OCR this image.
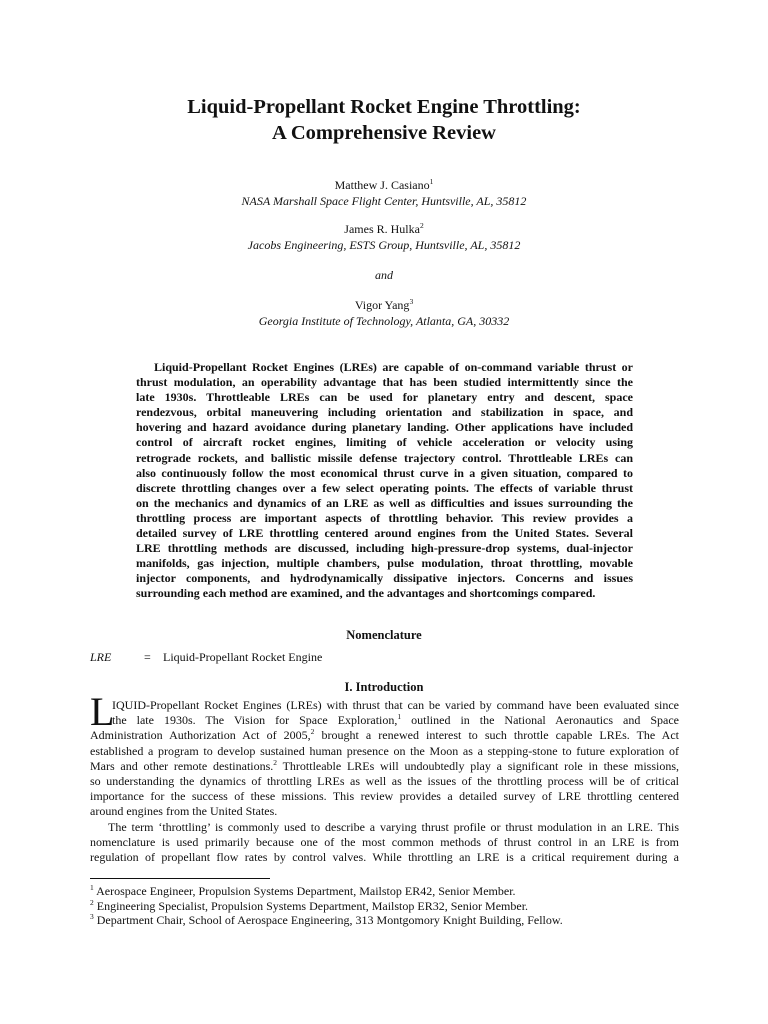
Liquid-Propellant Rocket Engine Throttling:
A Comprehensive Review
Matthew J. Casiano$^1$
NASA Marshall Space Flight Center, Huntsville, AL, 35812
James R. Hulka$^2$
Jacobs Engineering, ESTS Group, Huntsville, AL, 35812
and
Vigor Yang$^3$
Georgia Institute of Technology, Atlanta, GA, 30332
Liquid-Propellant Rocket Engines (LREs) are capable of on-command variable thrust or
thrust modulation, an operability advantage that has been studied intermittently since the
late 1930s. Throttleable LREs can be used for planetary entry and descent, space
rendezvous, orbital maneuvering including orientation and stabilization in space, and
hovering and hazard avoidance during planetary landing. Other applications have included
control of aircraft rocket engines, limiting of vehicle acceleration or velocity using
retrograde rockets, and ballistic missile defense trajectory control. Throttleable LREs can
also continuously follow the most economical thrust curve in a given situation, compared to
discrete throttling changes over a few select operating points. The effects of variable thrust
on the mechanics and dynamics of an LRE as well as difficulties and issues surrounding the
throttling process are important aspects of throttling behavior. This review provides a
detailed survey of LRE throttling centered around engines from the United States. Several
LRE throttling methods are discussed, including high-pressure-drop systems, dual-injector
manifolds, gas injection, multiple chambers, pulse modulation, throat throttling, movable
injector components, and hydrodynamically dissipative injectors. Concerns and issues
surrounding each method are examined, and the advantages and shortcomings compared.
Nomenclature
LRE	= Liquid-Propellant Rocket Engine
I. Introduction
L
IQUID-Propellant Rocket Engines (LREs) with thrust that can be varied by command have been evaluated since
the late 1930s. The Vision for Space Exploration,$^1$ outlined in the National Aeronautics and Space
Administration Authorization Act of 2005,$^2$ brought a renewed interest to such throttle capable LREs. The Act
established a program to develop sustained human presence on the Moon as a stepping-stone to future exploration of
Mars and other remote destinations.$^2$ Throttleable LREs will undoubtedly play a significant role in these missions,
so understanding the dynamics of throttling LREs as well as the issues of the throttling process will be of critical
importance for the success of these missions. This review provides a detailed survey of LRE throttling centered
around engines from the United States.
The term ‘throttling’ is commonly used to describe a varying thrust profile or thrust modulation in an LRE. This
nomenclature is used primarily because one of the most common methods of thrust control in an LRE is from
regulation of propellant flow rates by control valves. While throttling an LRE is a critical requirement during a
$^1$ Aerospace Engineer, Propulsion Systems Department, Mailstop ER42, Senior Member.
$^2$ Engineering Specialist, Propulsion Systems Department, Mailstop ER32, Senior Member.
$^3$ Department Chair, School of Aerospace Engineering, 313 Montgomory Knight Building, Fellow.
